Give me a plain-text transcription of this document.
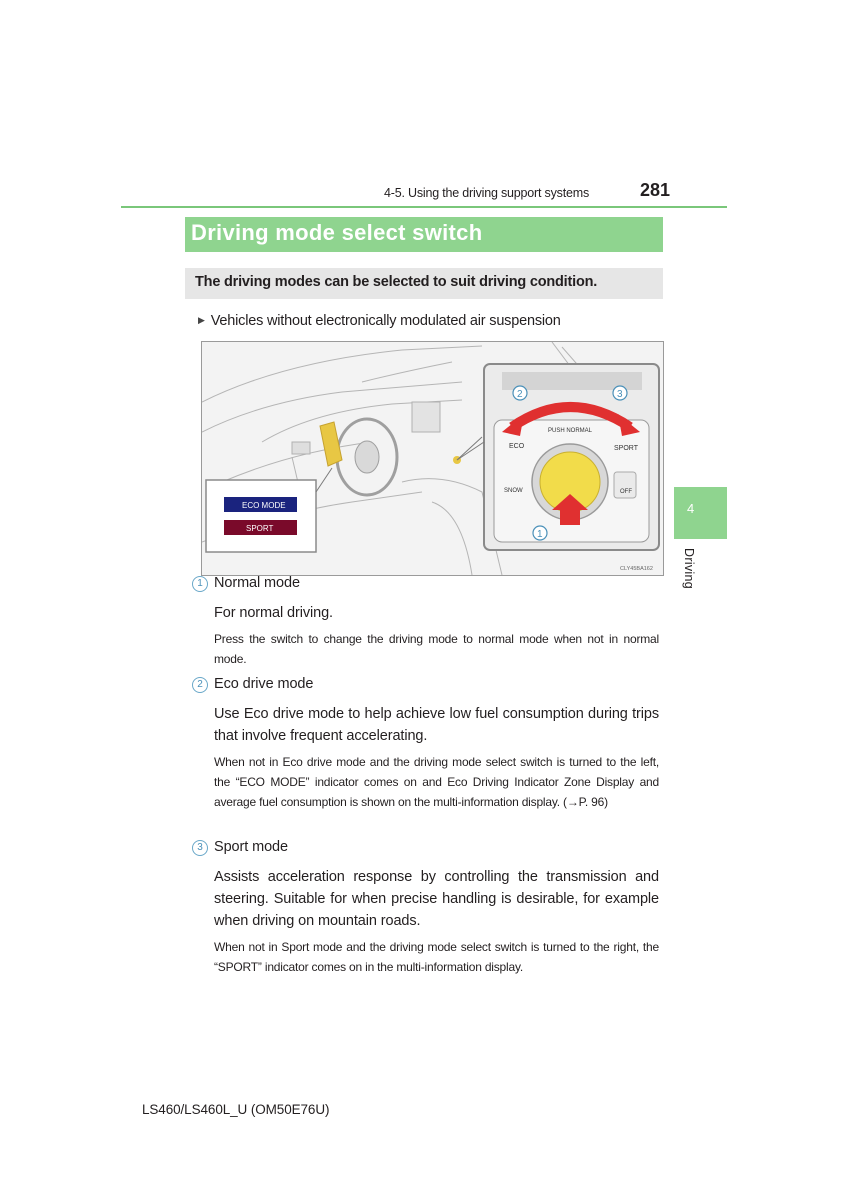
4-5. Using the driving support systems	281
Driving mode select switch
The driving modes can be selected to suit driving condition.
▶ Vehicles without electronically modulated air suspension
PUSH NORMAL
ECO	SPORT
SNOW	OFF
2	3
1
ECO MODE
SPORT
CLY45BA162
4
Driving
1 Normal mode
For normal driving.
Press the switch to change the driving mode to normal mode when not in normal mode.
2 Eco drive mode
Use Eco drive mode to help achieve low fuel consumption during trips that involve frequent accelerating.
When not in Eco drive mode and the driving mode select switch is turned to the left, the “ECO MODE” indicator comes on and Eco Driving Indicator Zone Display and average fuel consumption is shown on the multi-information display. (→P. 96)
3 Sport mode
Assists acceleration response by controlling the transmission and steering. Suitable for when precise handling is desirable, for example when driving on mountain roads.
When not in Sport mode and the driving mode select switch is turned to the right, the “SPORT” indicator comes on in the multi-information display.
LS460/LS460L_U (OM50E76U)
